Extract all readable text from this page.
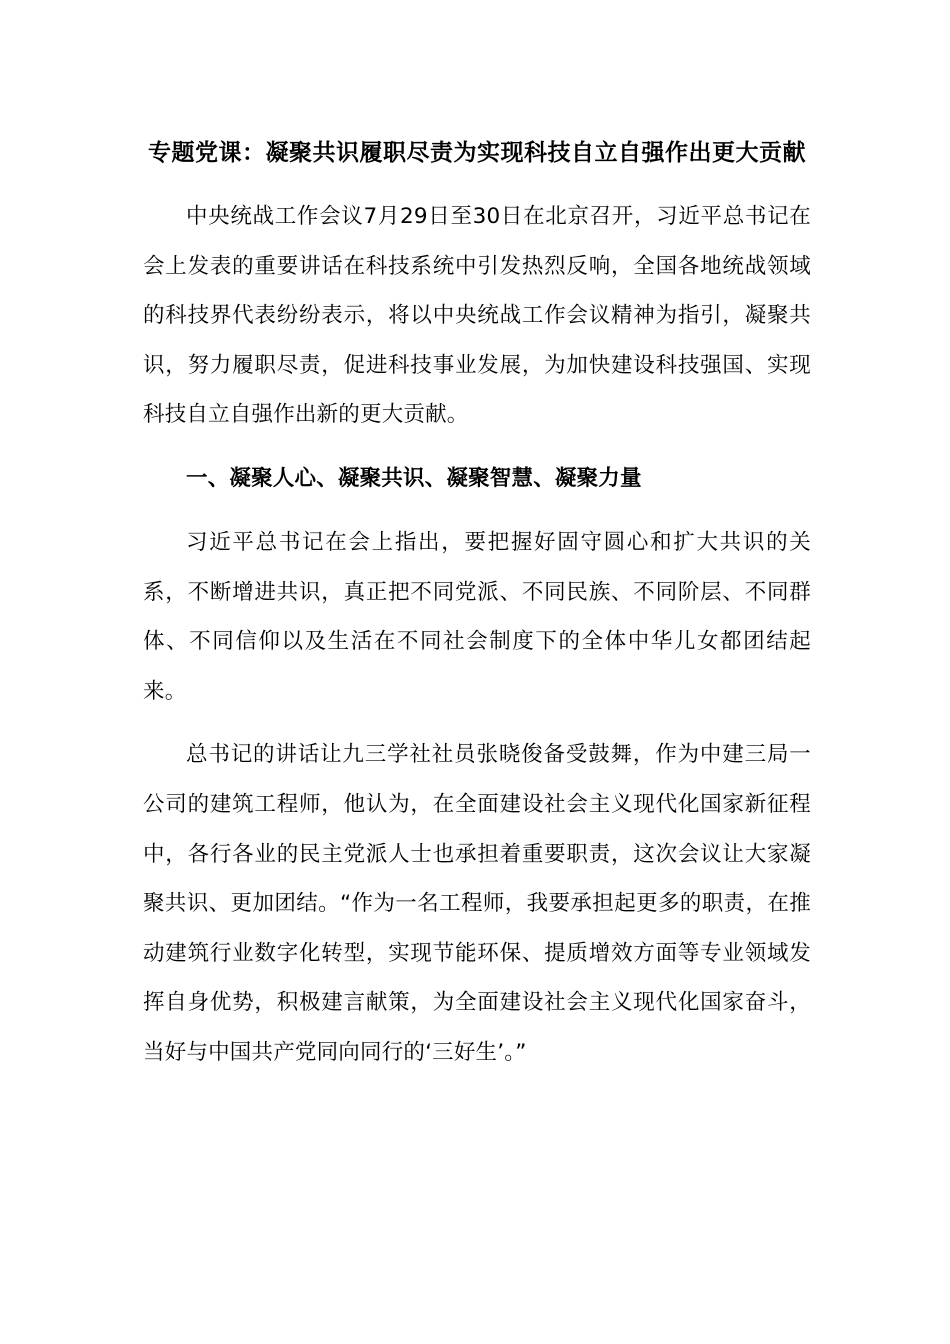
专题党课：凝聚共识履职尽责为实现科技自立自强作出更大贡献

中央统战工作会议7月29日至30日在北京召开，习近平总书记在会上发表的重要讲话在科技系统中引发热烈反响，全国各地统战领域的科技界代表纷纷表示，将以中央统战工作会议精神为指引，凝聚共识，努力履职尽责，促进科技事业发展，为加快建设科技强国、实现科技自立自强作出新的更大贡献。

一、凝聚人心、凝聚共识、凝聚智慧、凝聚力量

习近平总书记在会上指出，要把握好固守圆心和扩大共识的关系，不断增进共识，真正把不同党派、不同民族、不同阶层、不同群体、不同信仰以及生活在不同社会制度下的全体中华儿女都团结起来。

总书记的讲话让九三学社社员张晓俊备受鼓舞，作为中建三局一公司的建筑工程师，他认为，在全面建设社会主义现代化国家新征程中，各行各业的民主党派人士也承担着重要职责，这次会议让大家凝聚共识、更加团结。“作为一名工程师，我要承担起更多的职责，在推动建筑行业数字化转型，实现节能环保、提质增效方面等专业领域发挥自身优势，积极建言献策，为全面建设社会主义现代化国家奋斗，当好与中国共产党同向同行的‘三好生’。”
